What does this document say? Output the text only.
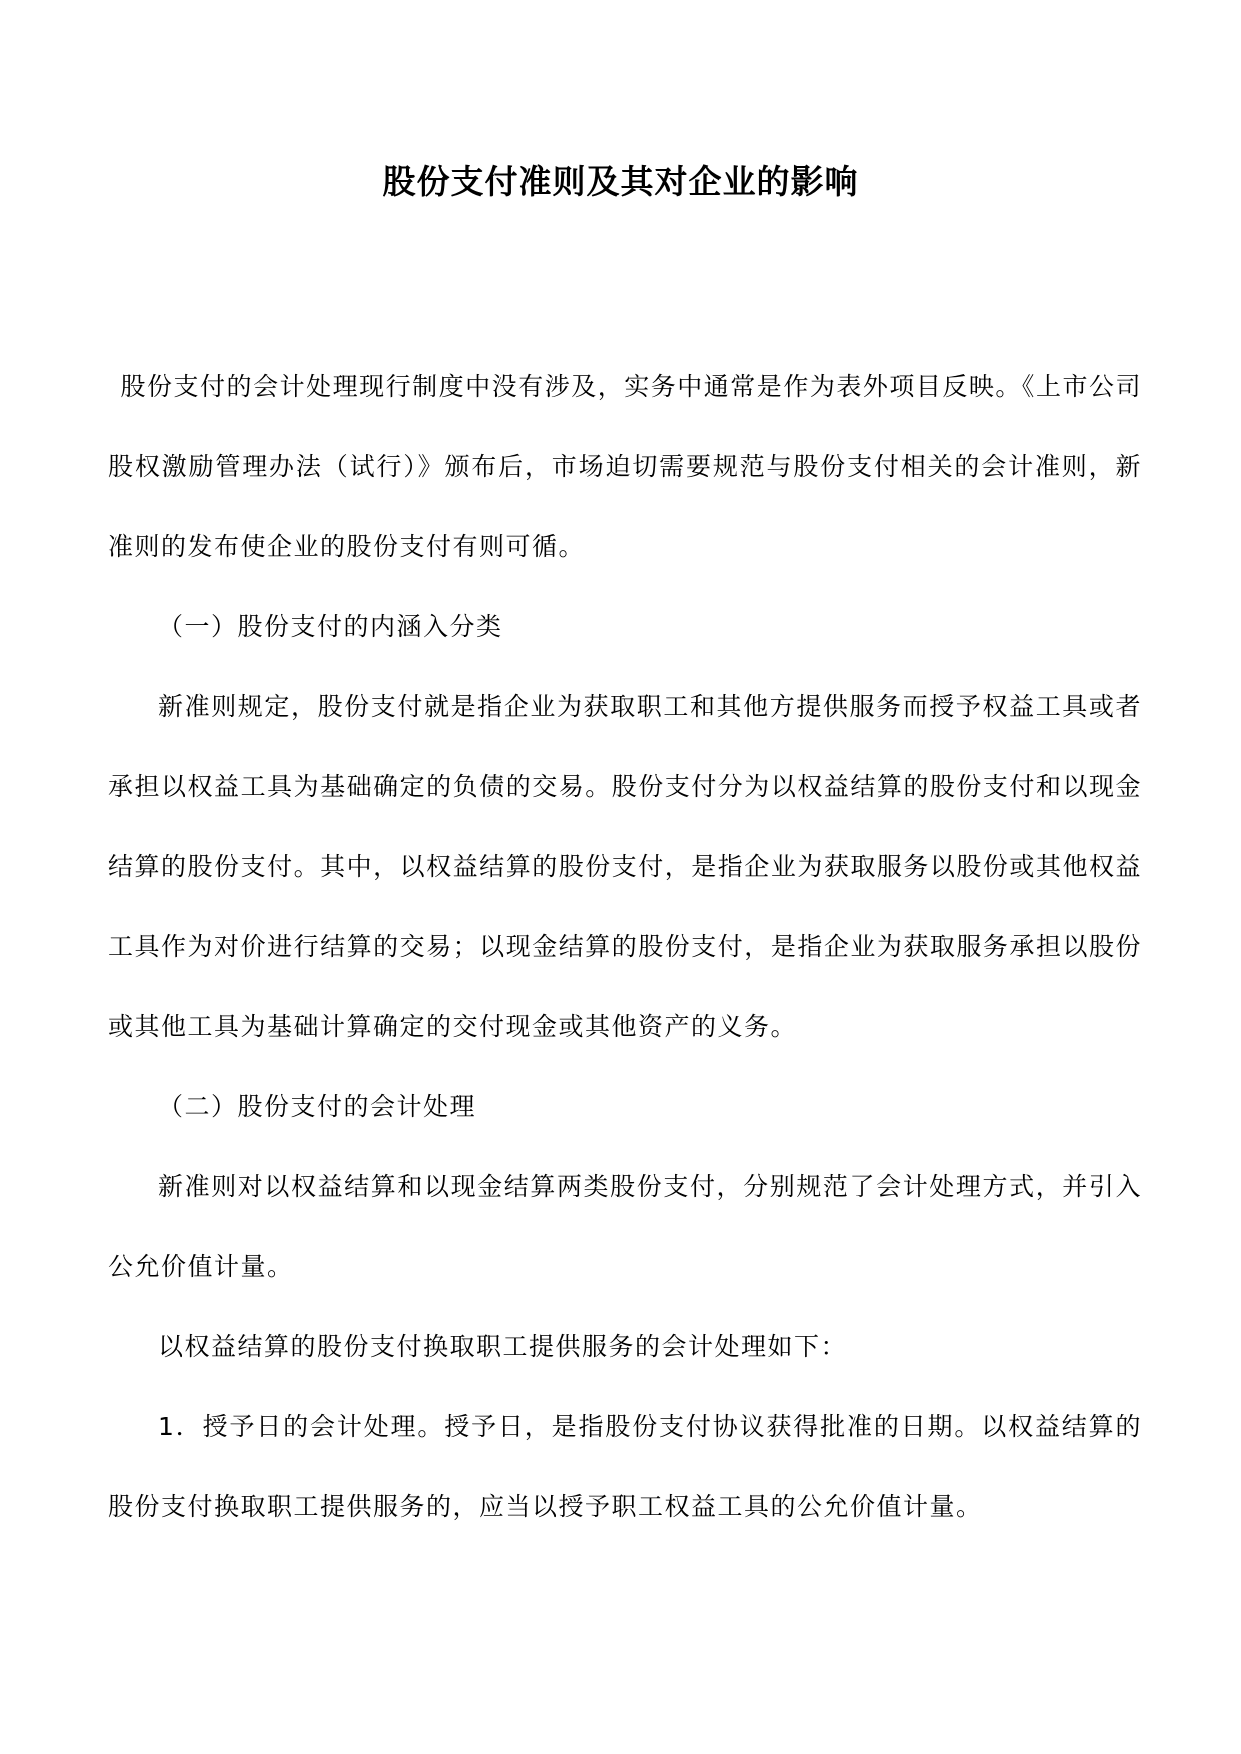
股份支付准则及其对企业的影响

股份支付的会计处理现行制度中没有涉及，实务中通常是作为表外项目反映。《上市公司股权激励管理办法（试行）》颁布后，市场迫切需要规范与股份支付相关的会计准则，新准则的发布使企业的股份支付有则可循。

（一）股份支付的内涵入分类

新准则规定，股份支付就是指企业为获取职工和其他方提供服务而授予权益工具或者承担以权益工具为基础确定的负债的交易。股份支付分为以权益结算的股份支付和以现金结算的股份支付。其中，以权益结算的股份支付，是指企业为获取服务以股份或其他权益工具作为对价进行结算的交易；以现金结算的股份支付，是指企业为获取服务承担以股份或其他工具为基础计算确定的交付现金或其他资产的义务。

（二）股份支付的会计处理

新准则对以权益结算和以现金结算两类股份支付，分别规范了会计处理方式，并引入公允价值计量。

以权益结算的股份支付换取职工提供服务的会计处理如下：

1．授予日的会计处理。授予日，是指股份支付协议获得批准的日期。以权益结算的股份支付换取职工提供服务的，应当以授予职工权益工具的公允价值计量。
